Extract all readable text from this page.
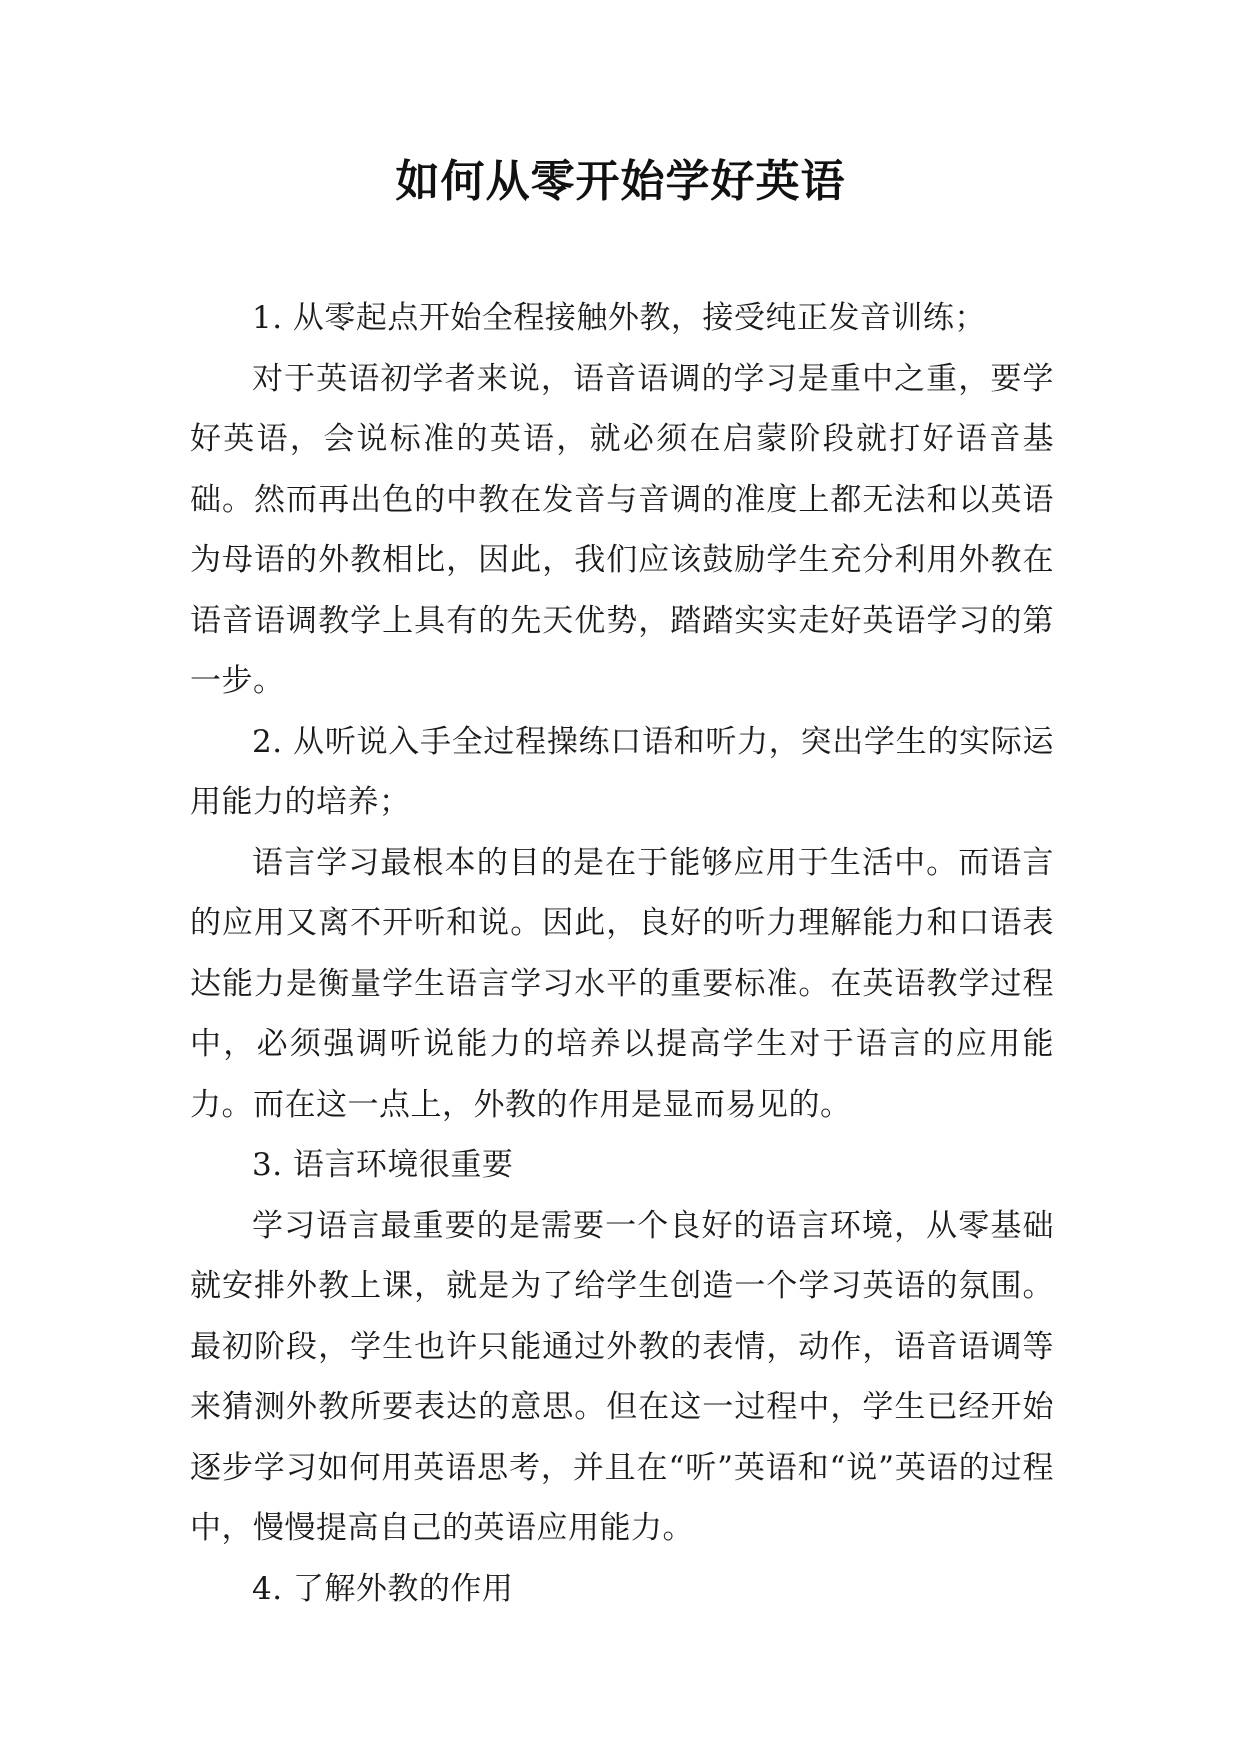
如何从零开始学好英语

1. 从零起点开始全程接触外教，接受纯正发音训练；

对于英语初学者来说，语音语调的学习是重中之重，要学好英语，会说标准的英语，就必须在启蒙阶段就打好语音基础。然而再出色的中教在发音与音调的准度上都无法和以英语为母语的外教相比，因此，我们应该鼓励学生充分利用外教在语音语调教学上具有的先天优势，踏踏实实走好英语学习的第一步。

2. 从听说入手全过程操练口语和听力，突出学生的实际运用能力的培养；

语言学习最根本的目的是在于能够应用于生活中。而语言的应用又离不开听和说。因此，良好的听力理解能力和口语表达能力是衡量学生语言学习水平的重要标准。在英语教学过程中，必须强调听说能力的培养以提高学生对于语言的应用能力。而在这一点上，外教的作用是显而易见的。

3. 语言环境很重要

学习语言最重要的是需要一个良好的语言环境，从零基础就安排外教上课，就是为了给学生创造一个学习英语的氛围。最初阶段，学生也许只能通过外教的表情，动作，语音语调等来猜测外教所要表达的意思。但在这一过程中，学生已经开始逐步学习如何用英语思考，并且在“听”英语和“说”英语的过程中，慢慢提高自己的英语应用能力。

4. 了解外教的作用
